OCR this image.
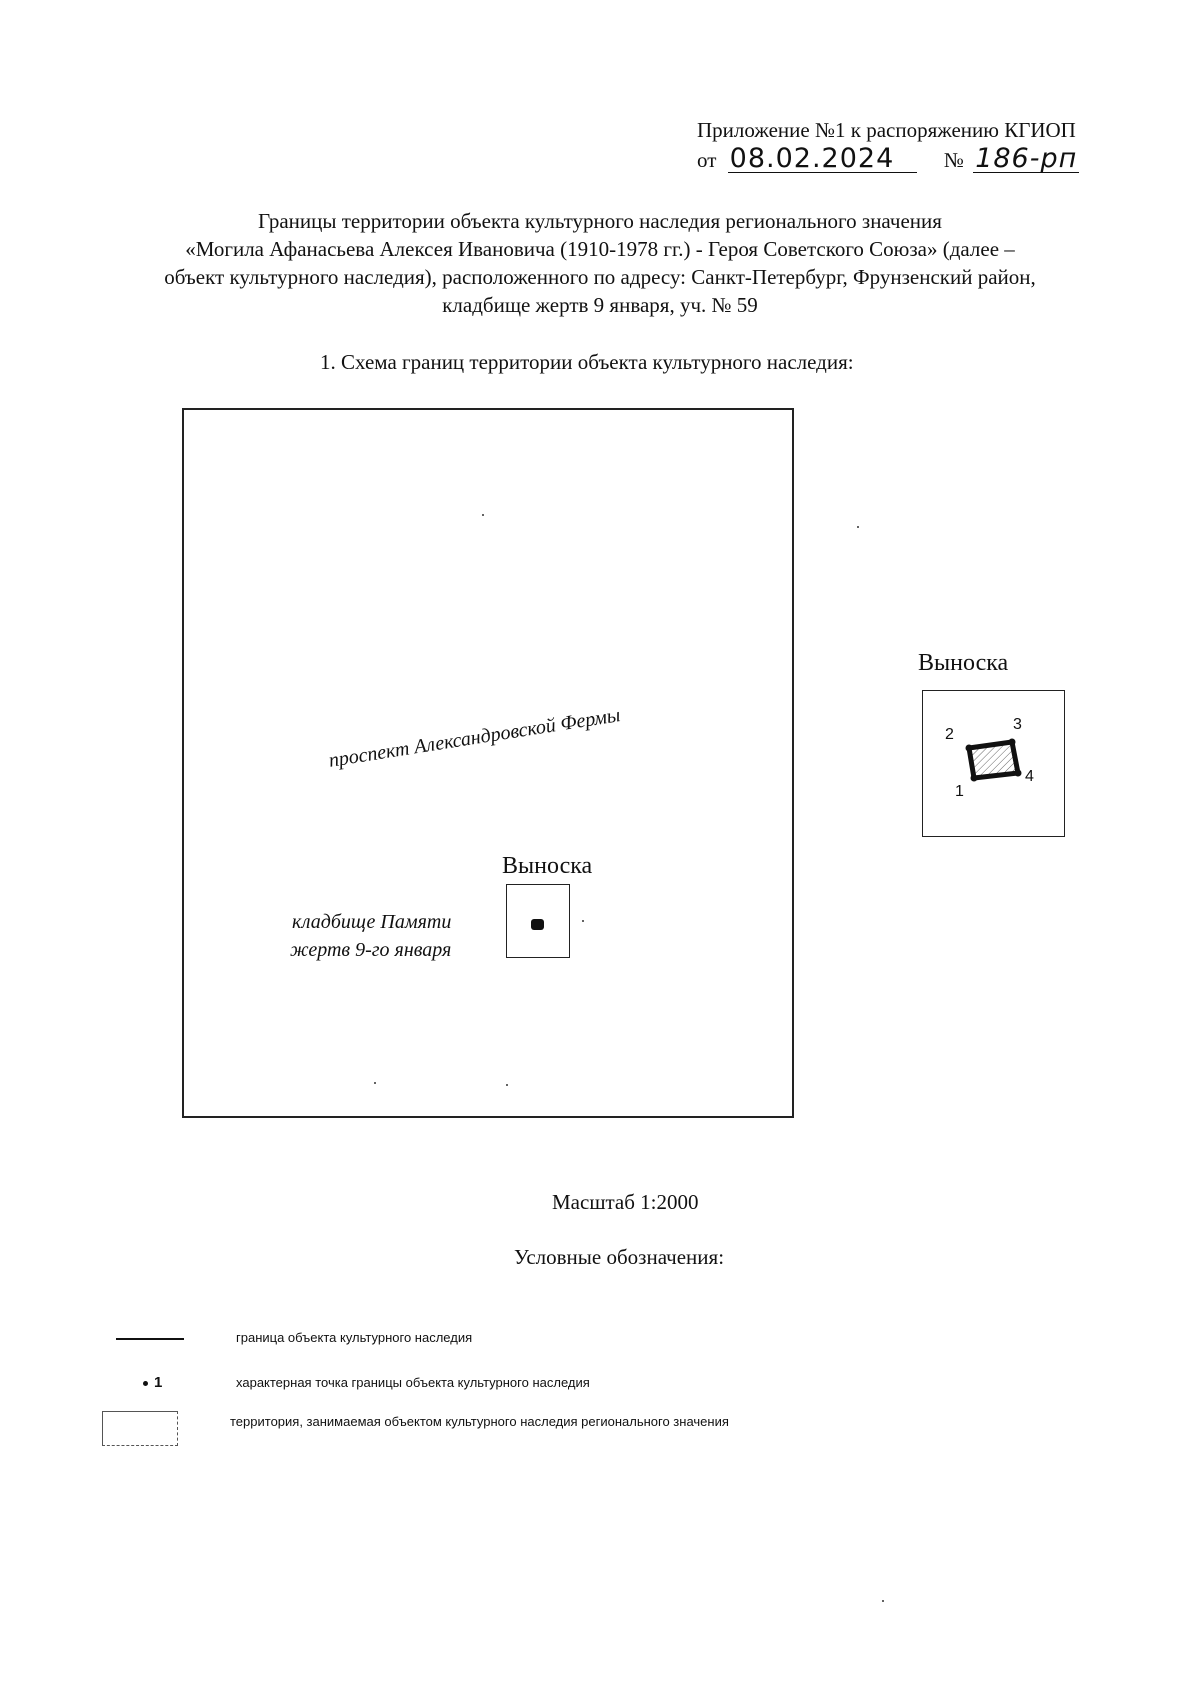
Приложение №1 к распоряжению КГИОП
от 08.02.2024 № 186-рп
Границы территории объекта культурного наследия регионального значения
«Могила Афанасьева Алексея Ивановича (1910-1978 гг.) - Героя Советского Союза» (далее –
объект культурного наследия), расположенного по адресу: Санкт-Петербург, Фрунзенский район,
кладбище жертв 9 января, уч. № 59
1. Схема границ территории объекта культурного наследия:
проспект Александровской Фермы
Выноска
кладбище Памяти
жертв 9-го января
Выноска
1
2
3
4
Масштаб 1:2000
Условные обозначения:
граница объекта культурного наследия
1	характерная точка границы объекта культурного наследия
территория, занимаемая объектом культурного наследия регионального значения
